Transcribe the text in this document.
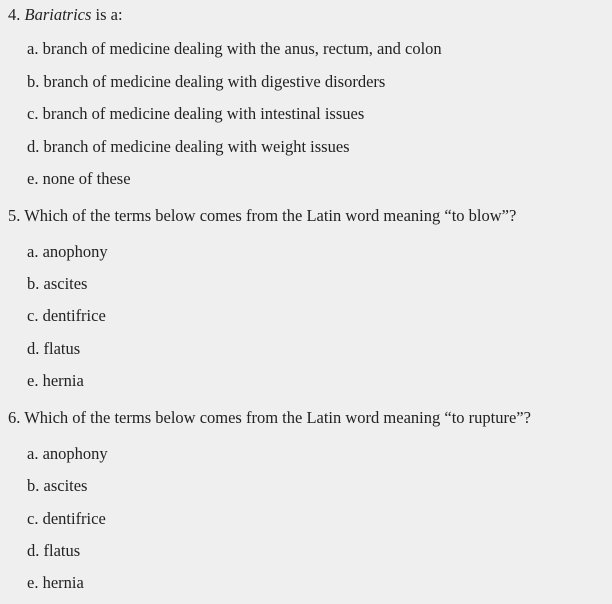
4. Bariatrics is a:
a. branch of medicine dealing with the anus, rectum, and colon
b. branch of medicine dealing with digestive disorders
c. branch of medicine dealing with intestinal issues
d. branch of medicine dealing with weight issues
e. none of these
5. Which of the terms below comes from the Latin word meaning “to blow”?
a. anophony
b. ascites
c. dentifrice
d. flatus
e. hernia
6. Which of the terms below comes from the Latin word meaning “to rupture”?
a. anophony
b. ascites
c. dentifrice
d. flatus
e. hernia
